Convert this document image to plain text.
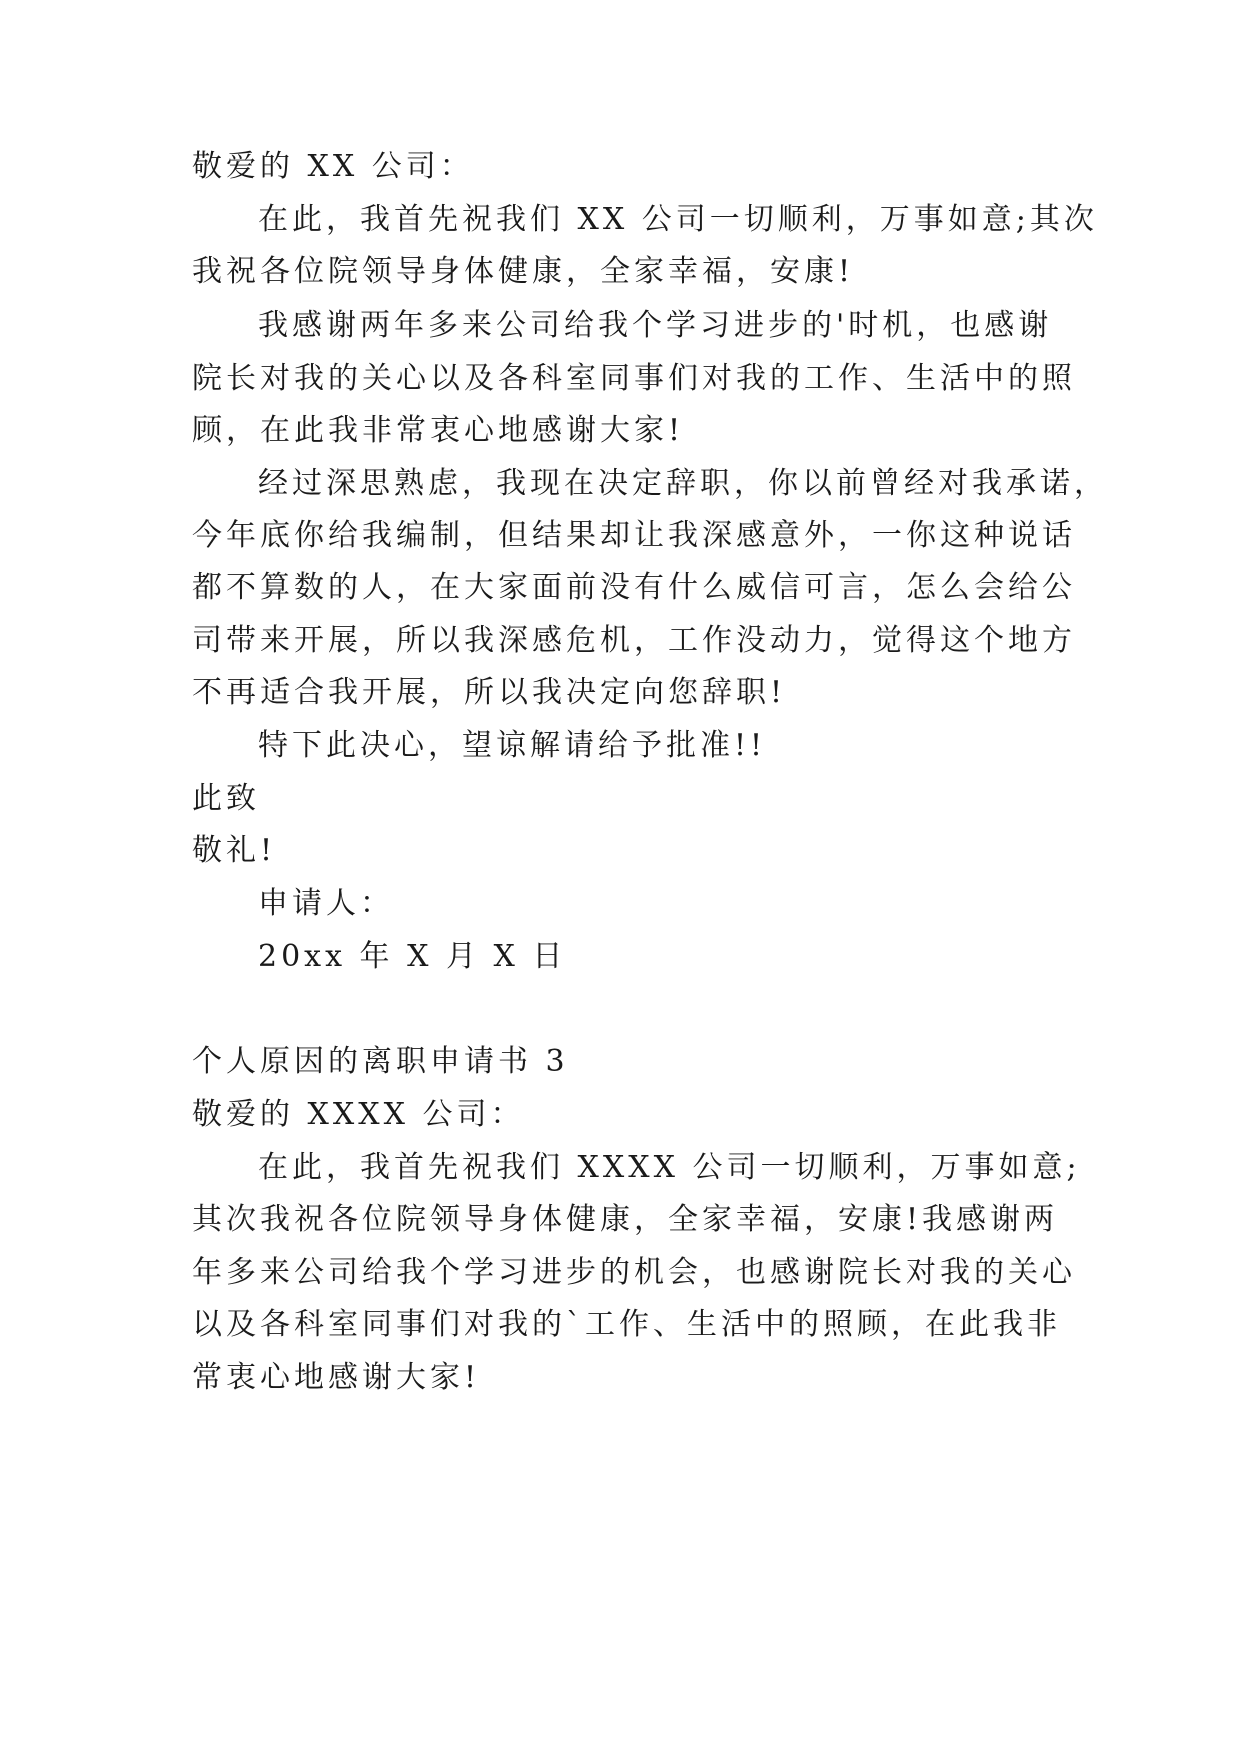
敬爱的 XX 公司：
在此，我首先祝我们 XX 公司一切顺利，万事如意;其次
我祝各位院领导身体健康，全家幸福，安康!
我感谢两年多来公司给我个学习进步的'时机，也感谢
院长对我的关心以及各科室同事们对我的工作、生活中的照
顾，在此我非常衷心地感谢大家!
经过深思熟虑，我现在决定辞职，你以前曾经对我承诺，
今年底你给我编制，但结果却让我深感意外，一你这种说话
都不算数的人，在大家面前没有什么威信可言，怎么会给公
司带来开展，所以我深感危机，工作没动力，觉得这个地方
不再适合我开展，所以我决定向您辞职!
特下此决心，望谅解请给予批准!!
此致
敬礼!
申请人：
20xx 年 X 月 X 日
个人原因的离职申请书 3
敬爱的 XXXX 公司：
在此，我首先祝我们 XXXX 公司一切顺利，万事如意;
其次我祝各位院领导身体健康，全家幸福，安康!我感谢两
年多来公司给我个学习进步的机会，也感谢院长对我的关心
以及各科室同事们对我的`工作、生活中的照顾，在此我非
常衷心地感谢大家!
